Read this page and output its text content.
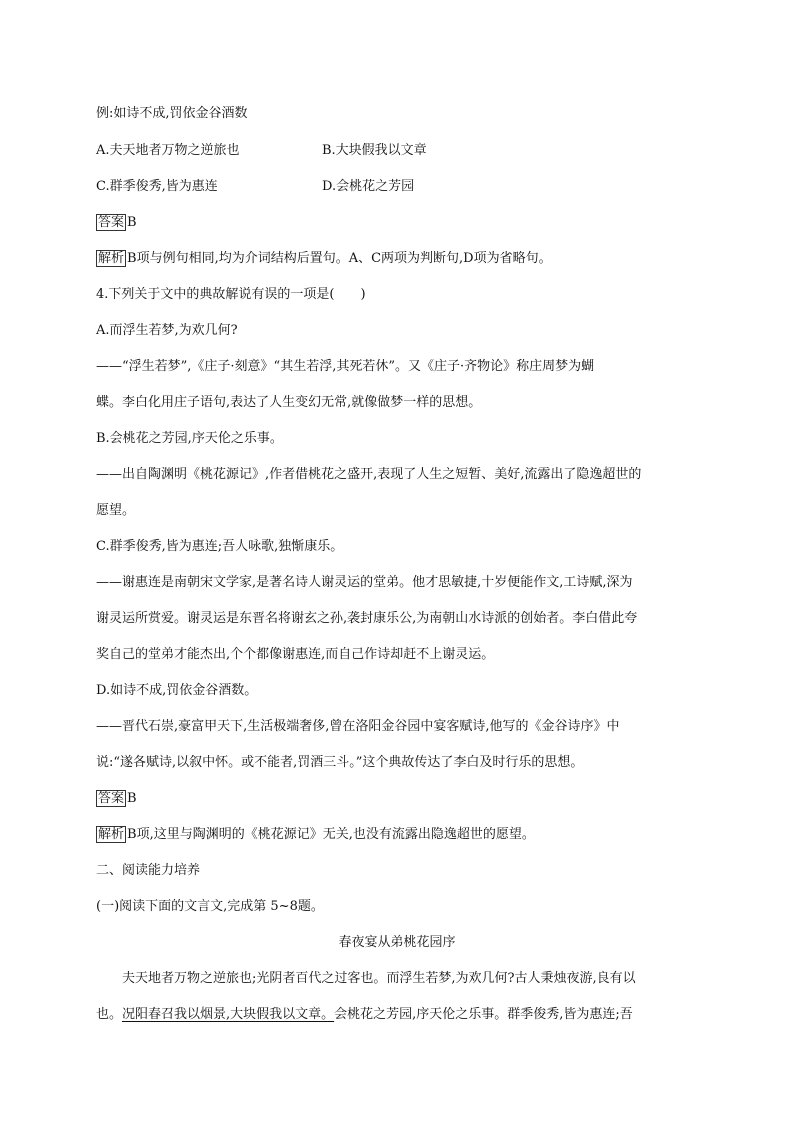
例:如诗不成,罚依金谷酒数
A.夫天地者万物之逆旅也	B.大块假我以文章
C.群季俊秀,皆为惠连	D.会桃花之芳园
答案 B
解析 B项与例句相同,均为介词结构后置句。A、C两项为判断句,D项为省略句。
4.下列关于文中的典故解说有误的一项是(　　)
A.而浮生若梦,为欢几何?
——“浮生若梦”,《庄子·刻意》“其生若浮,其死若休”。又《庄子·齐物论》称庄周梦为蝴
蝶。李白化用庄子语句,表达了人生变幻无常,就像做梦一样的思想。
B.会桃花之芳园,序天伦之乐事。
——出自陶渊明《桃花源记》,作者借桃花之盛开,表现了人生之短暂、美好,流露出了隐逸超世的
愿望。
C.群季俊秀,皆为惠连;吾人咏歌,独惭康乐。
——谢惠连是南朝宋文学家,是著名诗人谢灵运的堂弟。他才思敏捷,十岁便能作文,工诗赋,深为
谢灵运所赏爱。谢灵运是东晋名将谢玄之孙,袭封康乐公,为南朝山水诗派的创始者。李白借此夸
奖自己的堂弟才能杰出,个个都像谢惠连,而自己作诗却赶不上谢灵运。
D.如诗不成,罚依金谷酒数。
——晋代石崇,豪富甲天下,生活极端奢侈,曾在洛阳金谷园中宴客赋诗,他写的《金谷诗序》中
说:“遂各赋诗,以叙中怀。或不能者,罚酒三斗。”这个典故传达了李白及时行乐的思想。
答案 B
解析 B项,这里与陶渊明的《桃花源记》无关,也没有流露出隐逸超世的愿望。
二、阅读能力培养
(一)阅读下面的文言文,完成第 5~8题。
春夜宴从弟桃花园序
夫天地者万物之逆旅也;光阴者百代之过客也。而浮生若梦,为欢几何?古人秉烛夜游,良有以
也。况阳春召我以烟景,大块假我以文章。会桃花之芳园,序天伦之乐事。群季俊秀,皆为惠连;吾
